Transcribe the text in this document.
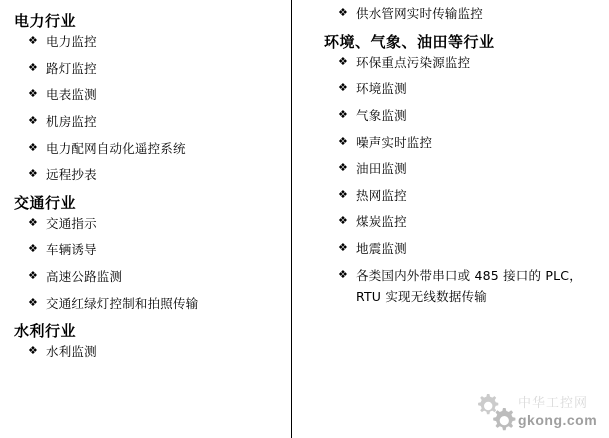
电力行业
❖ 电力监控
❖ 路灯监控
❖ 电表监测
❖ 机房监控
❖ 电力配网自动化遥控系统
❖ 远程抄表
交通行业
❖ 交通指示
❖ 车辆诱导
❖ 高速公路监测
❖ 交通红绿灯控制和拍照传输
水利行业
❖ 水利监测
❖ 供水管网实时传输监控
环境、气象、油田等行业
❖ 环保重点污染源监控
❖ 环境监测
❖ 气象监测
❖ 噪声实时监控
❖ 油田监测
❖ 热网监控
❖ 煤炭监控
❖ 地震监测
❖ 各类国内外带串口或 485 接口的 PLC，
RTU 实现无线数据传输
中华工控网
gkong.com
